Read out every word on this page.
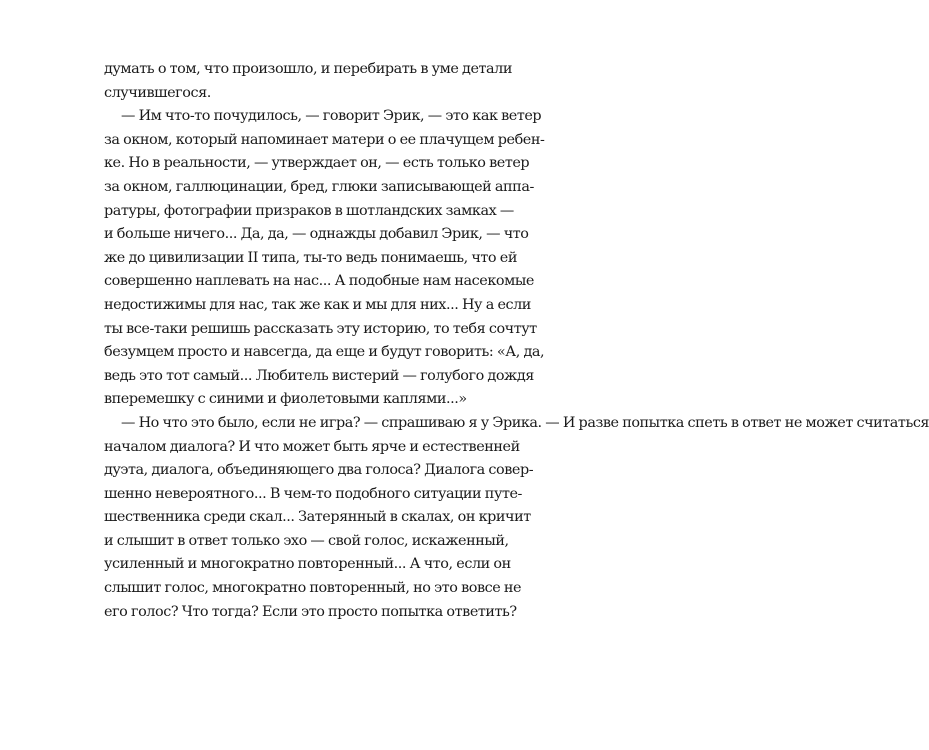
думать о том, что произошло, и перебирать в уме детали
случившегося.
— Им что-то почудилось, — говорит Эрик, — это как ветер
за окном, который напоминает матери о ее плачущем ребен-
ке. Но в реальности, — утверждает он, — есть только ветер
за окном, галлюцинации, бред, глюки записывающей аппа-
ратуры, фотографии призраков в шотландских замках —
и больше ничего... Да, да, — однажды добавил Эрик, — что
же до цивилизации II типа, ты-то ведь понимаешь, что ей
совершенно наплевать на нас... А подобные нам насекомые
недостижимы для нас, так же как и мы для них... Ну а если
ты все-таки решишь рассказать эту историю, то тебя сочтут
безумцем просто и навсегда, да еще и будут говорить: «А, да,
ведь это тот самый... Любитель вистерий — голубого дождя
вперемешку с синими и фиолетовыми каплями...»
— Но что это было, если не игра? — спрашиваю я у Эрика. — И разве попытка спеть в ответ не может считаться
началом диалога? И что может быть ярче и естественней
дуэта, диалога, объединяющего два голоса? Диалога совер-
шенно невероятного... В чем-то подобного ситуации путе-
шественника среди скал... Затерянный в скалах, он кричит
и слышит в ответ только эхо — свой голос, искаженный,
усиленный и многократно повторенный... А что, если он
слышит голос, многократно повторенный, но это вовсе не
его голос? Что тогда? Если это просто попытка ответить?
